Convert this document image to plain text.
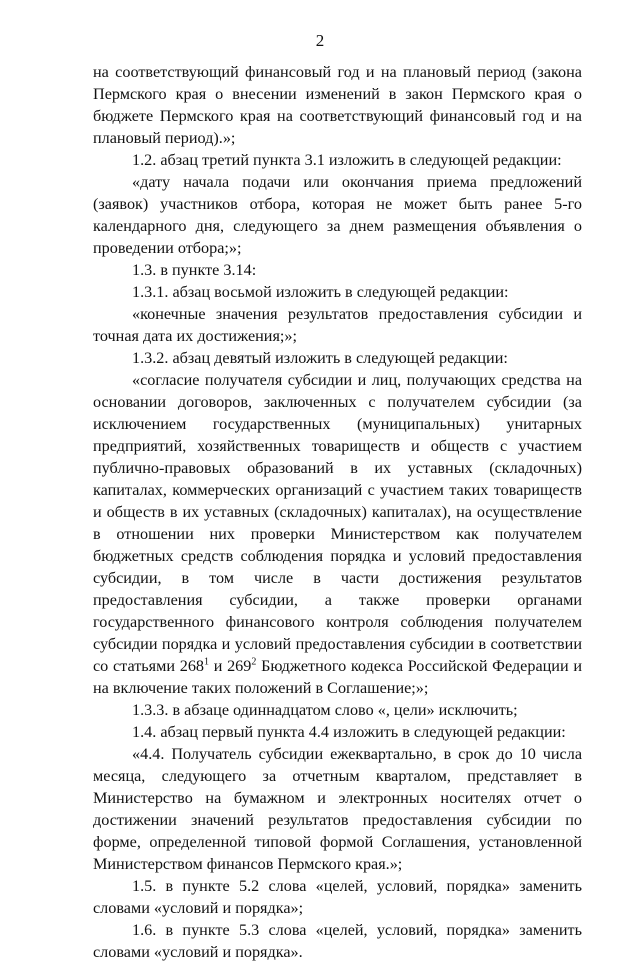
2

на соответствующий финансовый год и на плановый период (закона Пермского края о внесении изменений в закон Пермского края о бюджете Пермского края на соответствующий финансовый год и на плановый период).»;

1.2. абзац третий пункта 3.1 изложить в следующей редакции:

«дату начала подачи или окончания приема предложений (заявок) участников отбора, которая не может быть ранее 5-го календарного дня, следующего за днем размещения объявления о проведении отбора;»;

1.3. в пункте 3.14:

1.3.1. абзац восьмой изложить в следующей редакции:

«конечные значения результатов предоставления субсидии и точная дата их достижения;»;

1.3.2. абзац девятый изложить в следующей редакции:

«согласие получателя субсидии и лиц, получающих средства на основании договоров, заключенных с получателем субсидии (за исключением государственных (муниципальных) унитарных предприятий, хозяйственных товариществ и обществ с участием публично-правовых образований в их уставных (складочных) капиталах, коммерческих организаций с участием таких товариществ и обществ в их уставных (складочных) капиталах), на осуществление в отношении них проверки Министерством как получателем бюджетных средств соблюдения порядка и условий предоставления субсидии, в том числе в части достижения результатов предоставления субсидии, а также проверки органами государственного финансового контроля соблюдения получателем субсидии порядка и условий предоставления субсидии в соответствии со статьями $268^1$ и $269^2$ Бюджетного кодекса Российской Федерации и на включение таких положений в Соглашение;»;

1.3.3. в абзаце одиннадцатом слово «, цели» исключить;

1.4. абзац первый пункта 4.4 изложить в следующей редакции:

«4.4. Получатель субсидии ежеквартально, в срок до 10 числа месяца, следующего за отчетным кварталом, представляет в Министерство на бумажном и электронных носителях отчет о достижении значений результатов предоставления субсидии по форме, определенной типовой формой Соглашения, установленной Министерством финансов Пермского края.»;

1.5. в пункте 5.2 слова «целей, условий, порядка» заменить словами «условий и порядка»;

1.6. в пункте 5.3 слова «целей, условий, порядка» заменить словами «условий и порядка».
